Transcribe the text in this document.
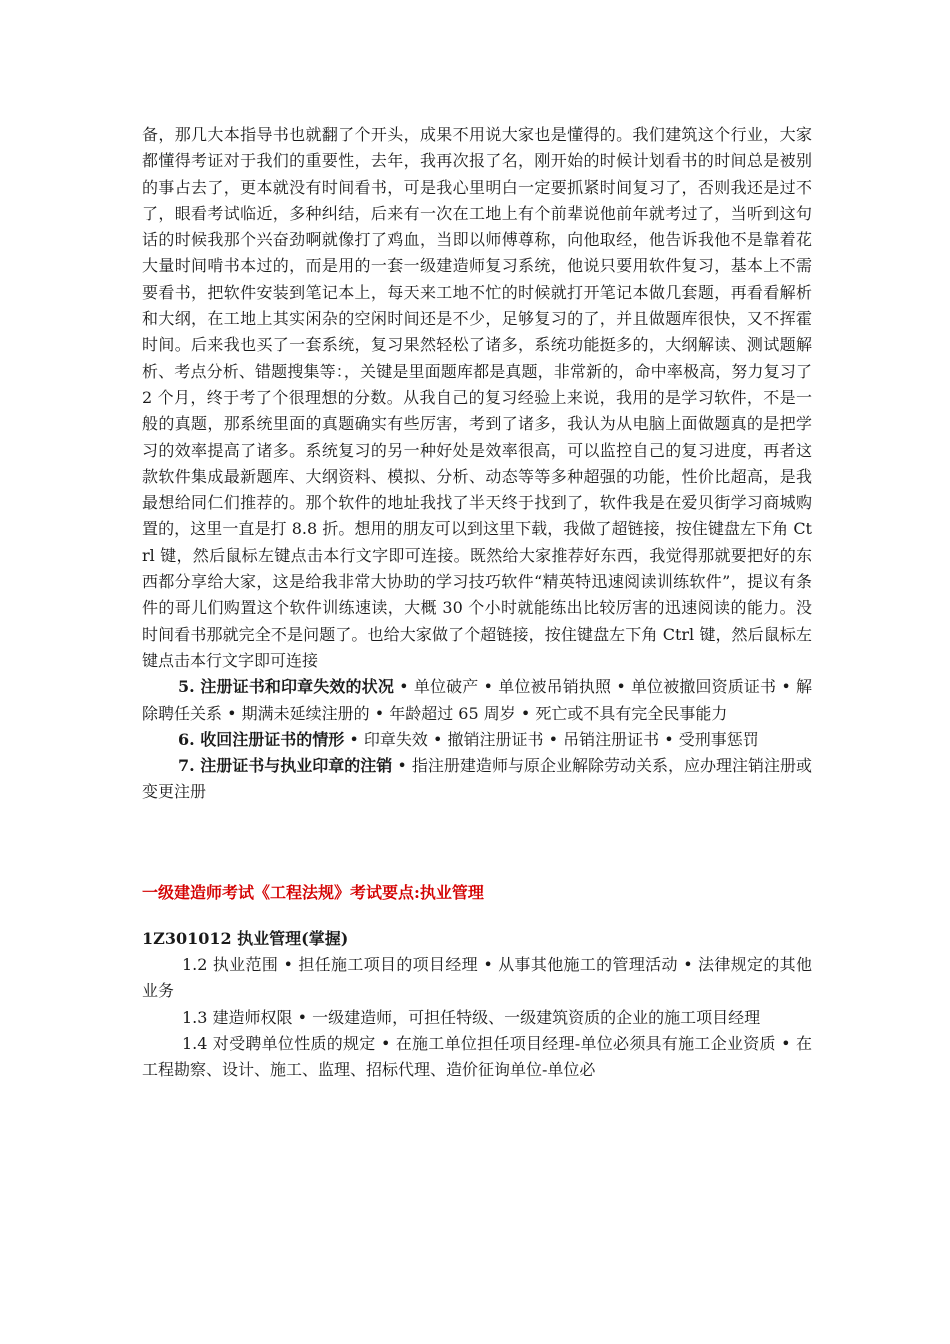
备，那几大本指导书也就翻了个开头，成果不用说大家也是懂得的。我们建筑这个行业，大家都懂得考证对于我们的重要性，去年，我再次报了名，刚开始的时候计划看书的时间总是被别的事占去了，更本就没有时间看书，可是我心里明白一定要抓紧时间复习了，否则我还是过不了，眼看考试临近，多种纠结，后来有一次在工地上有个前辈说他前年就考过了，当听到这句话的时候我那个兴奋劲啊就像打了鸡血，当即以师傅尊称，向他取经，他告诉我他不是靠着花大量时间啃书本过的，而是用的一套一级建造师复习系统，他说只要用软件复习，基本上不需要看书，把软件安装到笔记本上，每天来工地不忙的时候就打开笔记本做几套题，再看看解析和大纲，在工地上其实闲杂的空闲时间还是不少，足够复习的了，并且做题库很快，又不挥霍时间。后来我也买了一套系统，复习果然轻松了诸多，系统功能挺多的，大纲解读、测试题解析、考点分析、错题搜集等：，关键是里面题库都是真题，非常新的，命中率极高，努力复习了 2 个月，终于考了个很理想的分数。从我自己的复习经验上来说，我用的是学习软件，不是一般的真题，那系统里面的真题确实有些厉害，考到了诸多，我认为从电脑上面做题真的是把学习的效率提高了诸多。系统复习的另一种好处是效率很高，可以监控自己的复习进度，再者这款软件集成最新题库、大纲资料、模拟、分析、动态等等多种超强的功能，性价比超高，是我最想给同仁们推荐的。那个软件的地址我找了半天终于找到了，软件我是在爱贝街学习商城购置的，这里一直是打 8.8 折。想用的朋友可以到这里下载，我做了超链接，按住键盘左下角 Ctrl 键，然后鼠标左键点击本行文字即可连接。既然给大家推荐好东西，我觉得那就要把好的东西都分享给大家，这是给我非常大协助的学习技巧软件“精英特迅速阅读训练软件”，提议有条件的哥儿们购置这个软件训练速读，大概 30 个小时就能练出比较厉害的迅速阅读的能力。没时间看书那就完全不是问题了。也给大家做了个超链接，按住键盘左下角 Ctrl 键，然后鼠标左键点击本行文字即可连接

5. 注册证书和印章失效的状况 • 单位破产 • 单位被吊销执照 • 单位被撤回资质证书 • 解除聘任关系 • 期满未延续注册的 • 年龄超过 65 周岁 • 死亡或不具有完全民事能力

6. 收回注册证书的情形 • 印章失效 • 撤销注册证书 • 吊销注册证书 • 受刑事惩罚

7. 注册证书与执业印章的注销 • 指注册建造师与原企业解除劳动关系，应办理注销注册或变更注册

一级建造师考试《工程法规》考试要点:执业管理

1Z301012 执业管理(掌握)

1.2 执业范围 • 担任施工项目的项目经理 • 从事其他施工的管理活动 • 法律规定的其他业务

1.3 建造师权限 • 一级建造师，可担任特级、一级建筑资质的企业的施工项目经理

1.4 对受聘单位性质的规定 • 在施工单位担任项目经理-单位必须具有施工企业资质 • 在工程勘察、设计、施工、监理、招标代理、造价征询单位-单位必
